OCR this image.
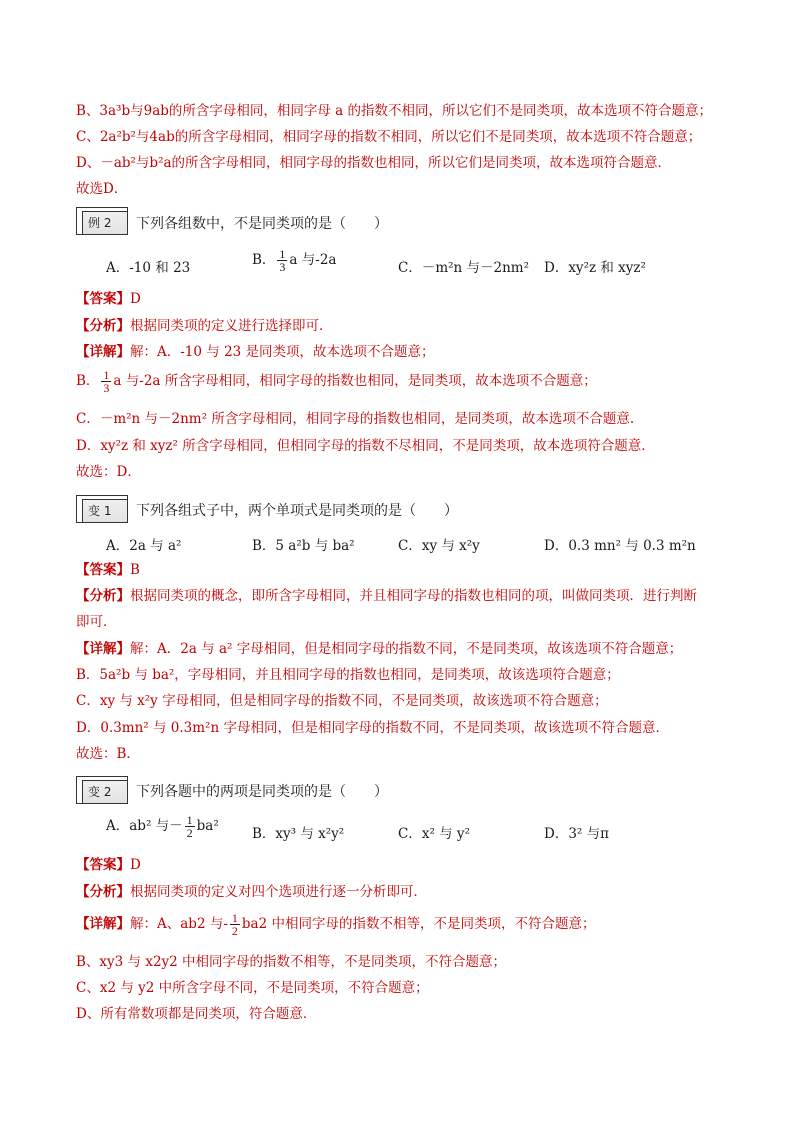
B、3a³b与9ab的所含字母相同，相同字母 a 的指数不相同，所以它们不是同类项，故本选项不符合题意；
C、2a²b²与4ab的所含字母相同，相同字母的指数不相同，所以它们不是同类项，故本选项不符合题意；
D、－ab²与b²a的所含字母相同，相同字母的指数也相同，所以它们是同类项，故本选项符合题意．
故选D．
例 2 下列各组数中，不是同类项的是（　　）
A．-10 和 23	B． $\frac{1}{3}$ a 与-2a	C．－m²n 与－2nm² D．xy²z 和 xyz²
【答案】D
【分析】根据同类项的定义进行选择即可．
【详解】解：A．-10 与 23 是同类项，故本选项不合题意；
B． $\frac{1}{3}$ a 与-2a 所含字母相同，相同字母的指数也相同，是同类项，故本选项不合题意；
C．－m²n 与－2nm² 所含字母相同，相同字母的指数也相同，是同类项，故本选项不合题意.
D．xy²z 和 xyz² 所含字母相同，但相同字母的指数不尽相同，不是同类项，故本选项符合题意．
故选：D．
变 1 下列各组式子中，两个单项式是同类项的是（　　）
A．2a 与 a²	B．5 a²b 与 ba²	C．xy 与 x²y	D．0.3 mn² 与 0.3 m²n
【答案】B
【分析】根据同类项的概念，即所含字母相同，并且相同字母的指数也相同的项，叫做同类项．进行判断
即可．
【详解】解：A．2a 与 a² 字母相同，但是相同字母的指数不同，不是同类项，故该选项不符合题意；
B．5a²b 与 ba²，字母相同，并且相同字母的指数也相同，是同类项，故该选项符合题意；
C．xy 与 x²y 字母相同，但是相同字母的指数不同，不是同类项，故该选项不符合题意；
D．0.3mn² 与 0.3m²n 字母相同，但是相同字母的指数不同，不是同类项，故该选项不符合题意．
故选：B．
变 2 下列各题中的两项是同类项的是（　　）
A．ab² 与－ $\frac{1}{2} ba^2$ B．xy³ 与 x²y²	C．x² 与 y²	D．3² 与π
【答案】D
【分析】根据同类项的定义对四个选项进行逐一分析即可．
【详解】解：A、ab2 与- $\frac{1}{2} ba2$ 中相同字母的指数不相等，不是同类项，不符合题意；
B、xy3 与 x2y2 中相同字母的指数不相等，不是同类项，不符合题意；
C、x2 与 y2 中所含字母不同，不是同类项，不符合题意；
D、所有常数项都是同类项，符合题意．
